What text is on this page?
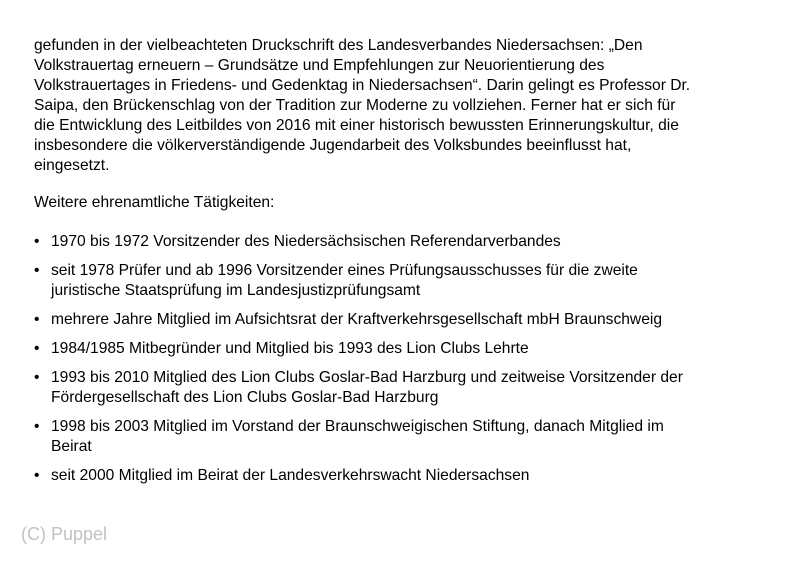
gefunden in der vielbeachteten Druckschrift des Landesverbandes Niedersachsen: „Den
Volkstrauertag erneuern – Grundsätze und Empfehlungen zur Neuorientierung des
Volkstrauertages in Friedens- und Gedenktag in Niedersachsen“. Darin gelingt es Professor Dr.
Saipa, den Brückenschlag von der Tradition zur Moderne zu vollziehen. Ferner hat er sich für
die Entwicklung des Leitbildes von 2016 mit einer historisch bewussten Erinnerungskultur, die
insbesondere die völkerverständigende Jugendarbeit des Volksbundes beeinflusst hat,
eingesetzt.

Weitere ehrenamtliche Tätigkeiten:

• 1970 bis 1972 Vorsitzender des Niedersächsischen Referendarverbandes
• seit 1978 Prüfer und ab 1996 Vorsitzender eines Prüfungsausschusses für die zweite
juristische Staatsprüfung im Landesjustizprüfungsamt
• mehrere Jahre Mitglied im Aufsichtsrat der Kraftverkehrsgesellschaft mbH Braunschweig
• 1984/1985 Mitbegründer und Mitglied bis 1993 des Lion Clubs Lehrte
• 1993 bis 2010 Mitglied des Lion Clubs Goslar-Bad Harzburg und zeitweise Vorsitzender der
Fördergesellschaft des Lion Clubs Goslar-Bad Harzburg
• 1998 bis 2003 Mitglied im Vorstand der Braunschweigischen Stiftung, danach Mitglied im
Beirat
• seit 2000 Mitglied im Beirat der Landesverkehrswacht Niedersachsen
(C) Puppel
